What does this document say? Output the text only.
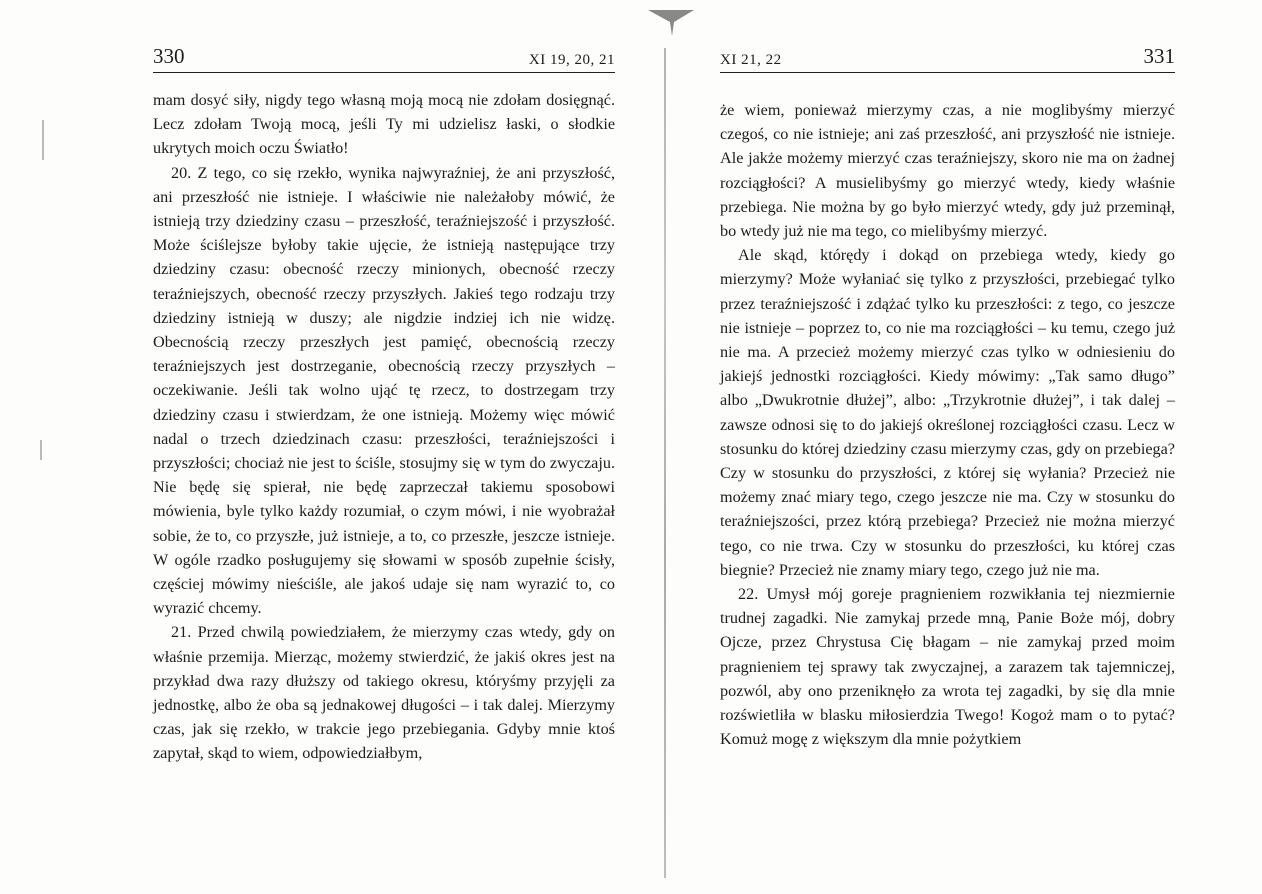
330	XI 19, 20, 21

mam dosyć siły, nigdy tego własną moją mocą nie zdołam dosięgnąć. Lecz zdołam Twoją mocą, jeśli Ty mi udzielisz łaski, o słodkie ukrytych moich oczu Światło!

20. Z tego, co się rzekło, wynika najwyraźniej, że ani przyszłość, ani przeszłość nie istnieje. I właściwie nie należałoby mówić, że istnieją trzy dziedziny czasu – przeszłość, teraźniejszość i przyszłość. Może ściślejsze byłoby takie ujęcie, że istnieją następujące trzy dziedziny czasu: obecność rzeczy minionych, obecność rzeczy teraźniejszych, obecność rzeczy przyszłych. Jakieś tego rodzaju trzy dziedziny istnieją w duszy; ale nigdzie indziej ich nie widzę. Obecnością rzeczy przeszłych jest pamięć, obecnością rzeczy teraźniejszych jest dostrzeganie, obecnością rzeczy przyszłych – oczekiwanie. Jeśli tak wolno ująć tę rzecz, to dostrzegam trzy dziedziny czasu i stwierdzam, że one istnieją. Możemy więc mówić nadal o trzech dziedzinach czasu: przeszłości, teraźniejszości i przyszłości; chociaż nie jest to ściśle, stosujmy się w tym do zwyczaju. Nie będę się spierał, nie będę zaprzeczał takiemu sposobowi mówienia, byle tylko każdy rozumiał, o czym mówi, i nie wyobrażał sobie, że to, co przyszłe, już istnieje, a to, co przeszłe, jeszcze istnieje. W ogóle rzadko posługujemy się słowami w sposób zupełnie ścisły, częściej mówimy nieściśle, ale jakoś udaje się nam wyrazić to, co wyrazić chcemy.

21. Przed chwilą powiedziałem, że mierzymy czas wtedy, gdy on właśnie przemija. Mierząc, możemy stwierdzić, że jakiś okres jest na przykład dwa razy dłuższy od takiego okresu, któryśmy przyjęli za jednostkę, albo że oba są jednakowej długości – i tak dalej. Mierzymy czas, jak się rzekło, w trakcie jego przebiegania. Gdyby mnie ktoś zapytał, skąd to wiem, odpowiedziałbym,

XI 21, 22	331

że wiem, ponieważ mierzymy czas, a nie moglibyśmy mierzyć czegoś, co nie istnieje; ani zaś przeszłość, ani przyszłość nie istnieje. Ale jakże możemy mierzyć czas teraźniejszy, skoro nie ma on żadnej rozciągłości? A musielibyśmy go mierzyć wtedy, kiedy właśnie przebiega. Nie można by go było mierzyć wtedy, gdy już przeminął, bo wtedy już nie ma tego, co mielibyśmy mierzyć.

Ale skąd, którędy i dokąd on przebiega wtedy, kiedy go mierzymy? Może wyłaniać się tylko z przyszłości, przebiegać tylko przez teraźniejszość i zdążać tylko ku przeszłości: z tego, co jeszcze nie istnieje – poprzez to, co nie ma rozciągłości – ku temu, czego już nie ma. A przecież możemy mierzyć czas tylko w odniesieniu do jakiejś jednostki rozciągłości. Kiedy mówimy: „Tak samo długo” albo „Dwukrotnie dłużej”, albo: „Trzykrotnie dłużej”, i tak dalej – zawsze odnosi się to do jakiejś określonej rozciągłości czasu. Lecz w stosunku do której dziedziny czasu mierzymy czas, gdy on przebiega? Czy w stosunku do przyszłości, z której się wyłania? Przecież nie możemy znać miary tego, czego jeszcze nie ma. Czy w stosunku do teraźniejszości, przez którą przebiega? Przecież nie można mierzyć tego, co nie trwa. Czy w stosunku do przeszłości, ku której czas biegnie? Przecież nie znamy miary tego, czego już nie ma.

22. Umysł mój goreje pragnieniem rozwikłania tej niezmiernie trudnej zagadki. Nie zamykaj przede mną, Panie Boże mój, dobry Ojcze, przez Chrystusa Cię błagam – nie zamykaj przed moim pragnieniem tej sprawy tak zwyczajnej, a zarazem tak tajemniczej, pozwól, aby ono przeniknęło za wrota tej zagadki, by się dla mnie rozświetliła w blasku miłosierdzia Twego! Kogoż mam o to pytać? Komuż mogę z większym dla mnie pożytkiem
